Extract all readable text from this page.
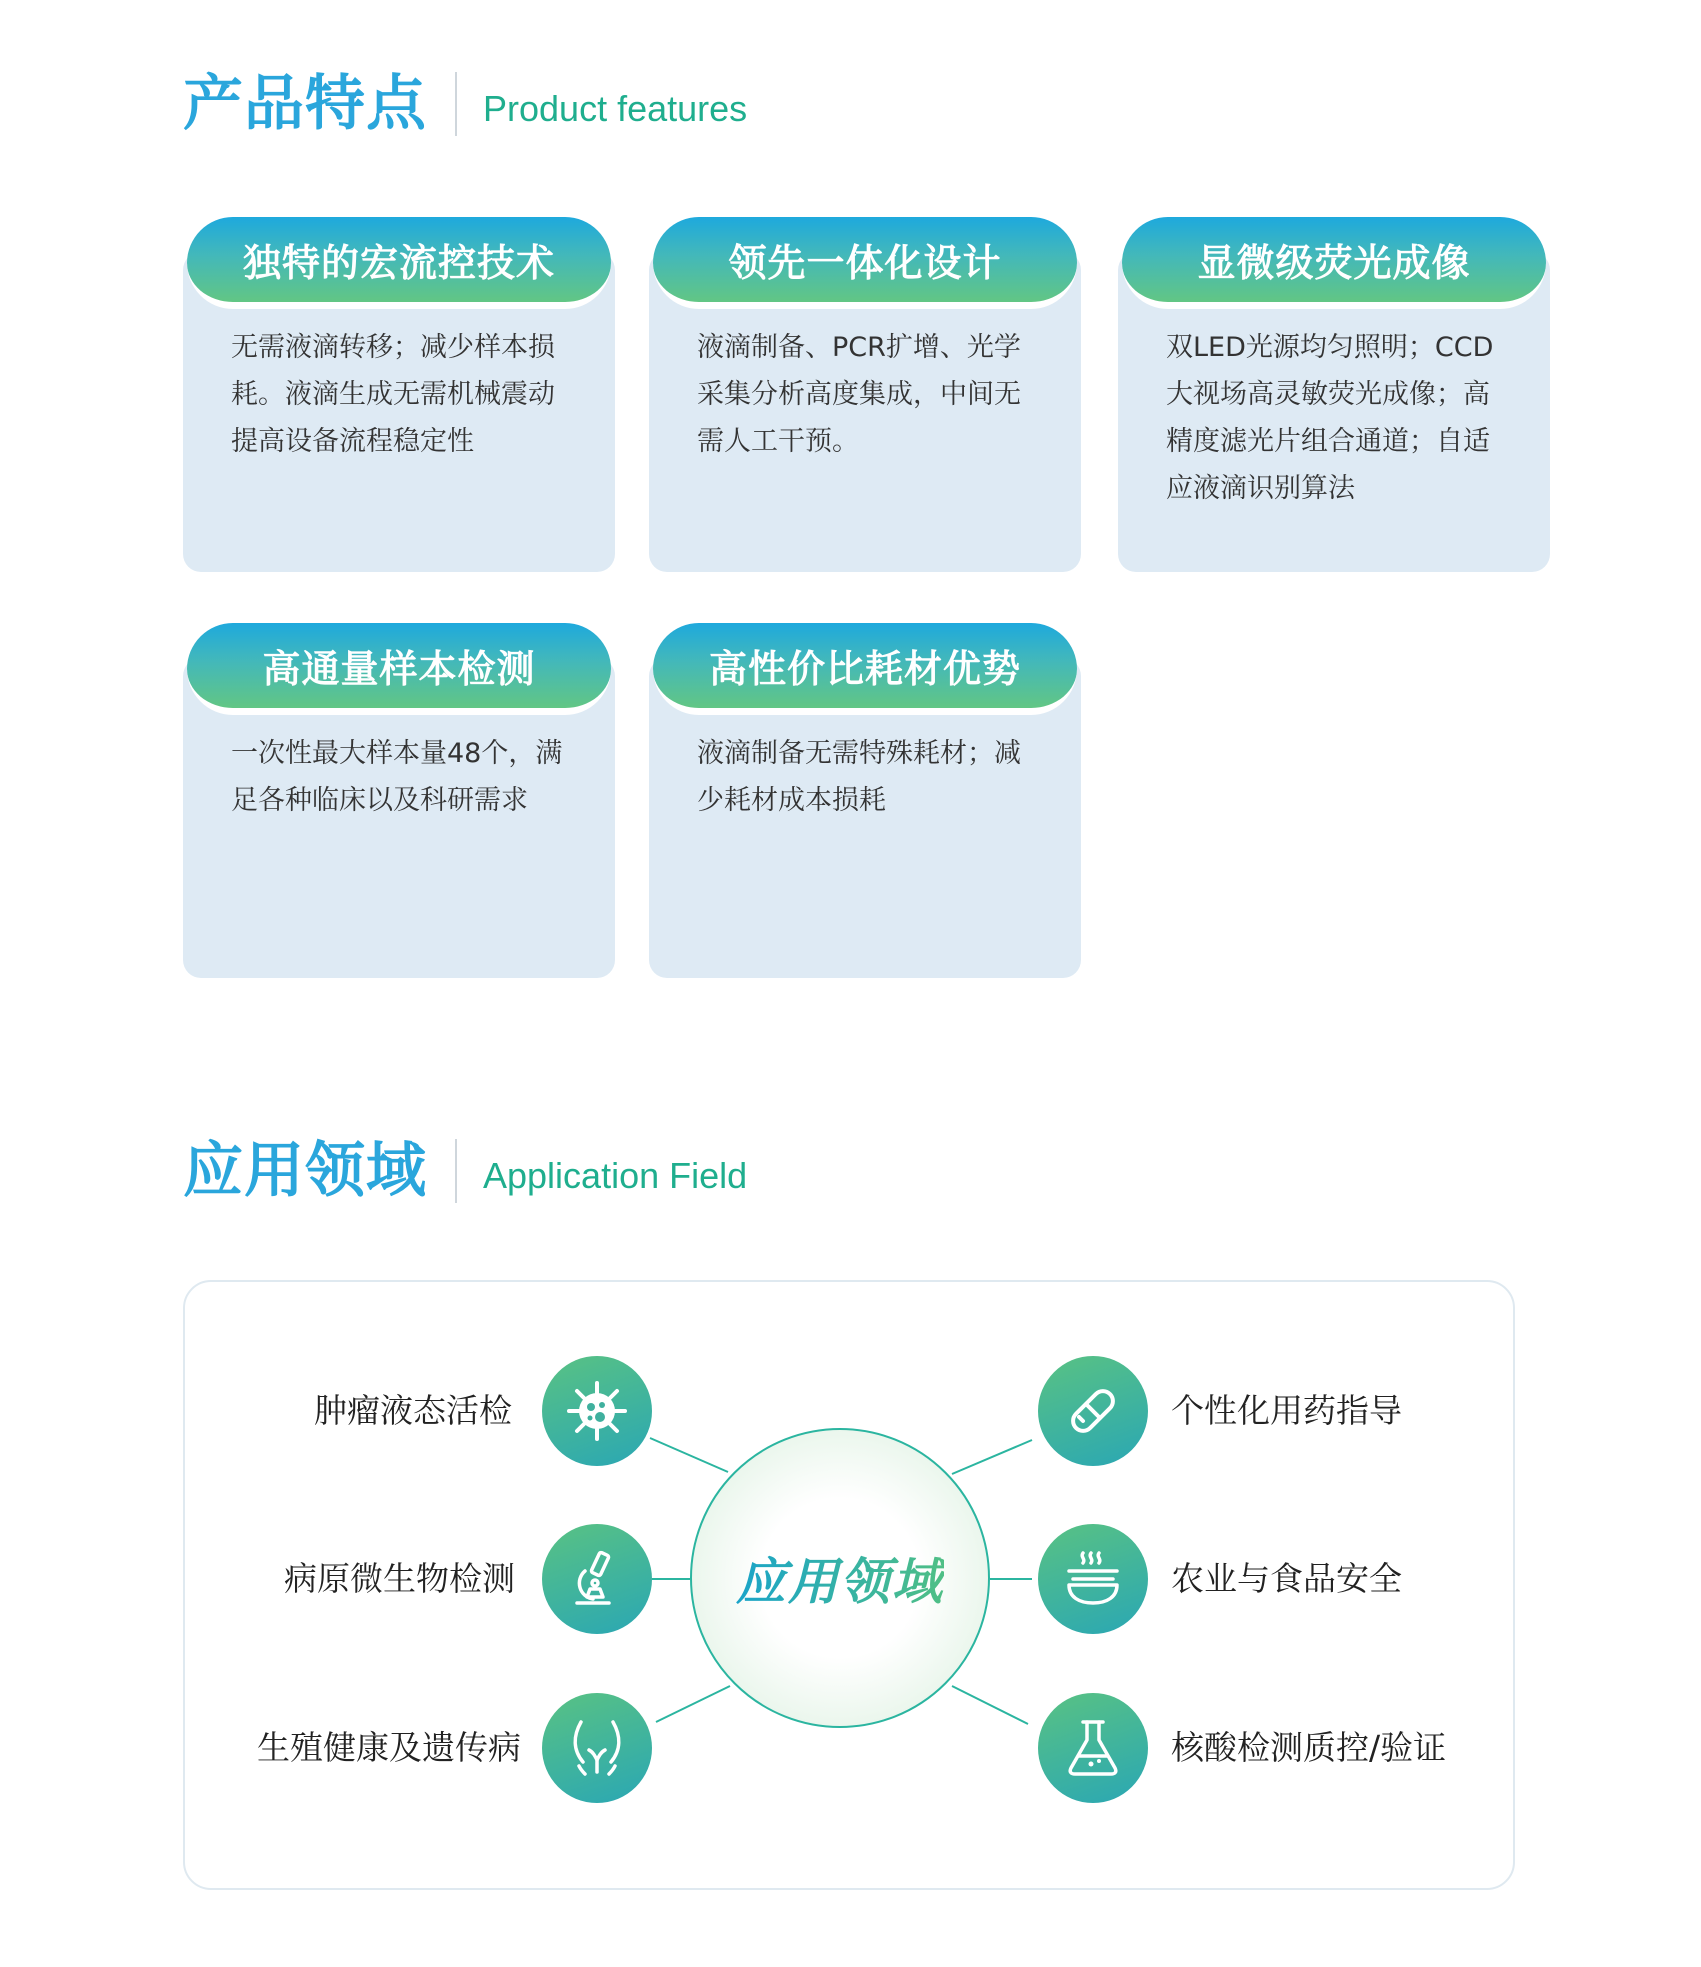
产品特点 Product features
独特的宏流控技术
无需液滴转移；减少样本损耗。液滴生成无需机械震动提高设备流程稳定性
领先一体化设计
液滴制备、PCR扩增、光学采集分析高度集成，中间无需人工干预。
显微级荧光成像
双LED光源均匀照明；CCD大视场高灵敏荧光成像；高精度滤光片组合通道；自适应液滴识别算法
高通量样本检测
一次性最大样本量48个，满足各种临床以及科研需求
高性价比耗材优势
液滴制备无需特殊耗材；减少耗材成本损耗
应用领域 Application Field
应用领域
肿瘤液态活检
病原微生物检测
生殖健康及遗传病
个性化用药指导
农业与食品安全
核酸检测质控/验证
